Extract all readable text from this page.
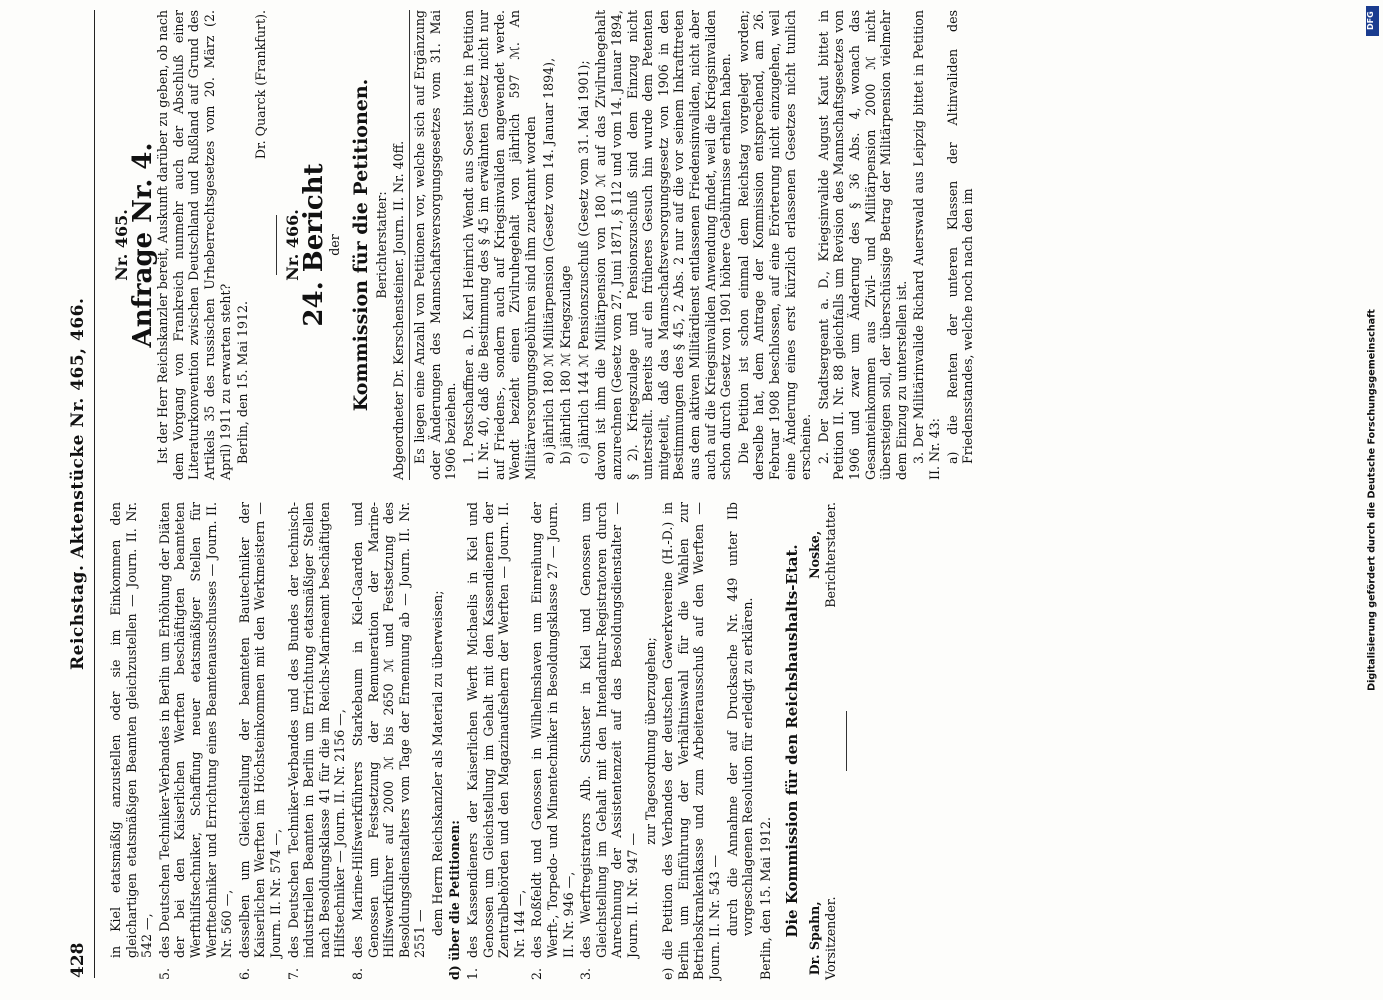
428
Reichstag. Aktenstücke Nr. 465, 466.
in Kiel etatsmäßig anzustellen oder sie im Einkommen den gleichartigen etatsmäßigen Beamten gleichzustellen — Journ. II. Nr. 542 —,
5.des Deutschen Techniker-Verbandes in Berlin um Erhöhung der Diäten der bei den Kaiserlichen Werften beschäftigten beamteten Werfthilfstechniker, Schaffung neuer etatsmäßiger Stellen für Werfttechniker und Errichtung eines Beamtenausschusses — Journ. II. Nr. 560 —,
6.desselben um Gleichstellung der beamteten Bautechniker der Kaiserlichen Werften im Höchsteinkommen mit den Werkmeistern — Journ. II. Nr. 574 —,
7.des Deutschen Techniker-Verbandes und des Bundes der technisch-industriellen Beamten in Berlin um Errichtung etatsmäßiger Stellen nach Besoldungsklasse 41 für die im Reichs-Marineamt beschäftigten Hilfstechniker — Journ. II. Nr. 2156 —,
8.des Marine-Hilfswerkführers Starkebaum in Kiel-Gaarden und Genossen um Festsetzung der Remuneration der Marine-Hilfswerkführer auf 2000 ℳ bis 2650 ℳ und Festsetzung des Besoldungsdienstalters vom Tage der Ernennung ab — Journ. II. Nr. 2551 — dem Herrn Reichskanzler als Material zu überweisen; d) über die Petitionen: 1.des Kassendieners der Kaiserlichen Werft Michaelis in Kiel und Genossen um Gleichstellung im Gehalt mit den Kassendienern der Zentralbehörden und den Magazinaufsehern der Werften — Journ. II. Nr. 144 —,
2.des Roßfeldt und Genossen in Wilhelmshaven um Einreihung der Werft-, Torpedo- und Minentechniker in Besoldungsklasse 27 — Journ. II. Nr. 946 —,
3.des Werftregistrators Alb. Schuster in Kiel und Genossen um Gleichstellung im Gehalt mit den Intendantur-Registratoren durch Anrechnung der Assistentenzeit auf das Besoldungsdienstalter — Journ. II. Nr. 947 —
zur Tagesordnung überzugehen; e) die Petition des Verbandes der deutschen Gewerkvereine (H.-D.) in Berlin um Einführung der Verhältniswahl für die Wahlen zur Betriebskrankenkasse und zum Arbeiterausschuß auf den Werften — Journ. II. Nr. 543 — durch die Annahme der auf Drucksache Nr. 449 unter IIb vorgeschlagenen Resolution für erledigt zu erklären. Berlin, den 15. Mai 1912. Die Kommission für den Reichshaushalts-Etat.
Dr. Spahn, Vorsitzender.
Noske, Berichterstatter.
Nr. 465.
Anfrage Nr. 4.
Ist der Herr Reichskanzler bereit, Auskunft darüber zu geben, ob nach dem Vorgang von Frankreich nunmehr auch der Abschluß einer Literaturkonvention zwischen Deutschland und Rußland auf Grund des Artikels 35 des russischen Urheberrechtsgesetzes vom 20. März (2. April) 1911 zu erwarten steht? Berlin, den 15. Mai 1912.
Dr. Quarck (Frankfurt).
Nr. 466.
24. Bericht
der Kommission für die Petitionen. Berichterstatter: Abgeordneter Dr. Kerschensteiner. Journ. II. Nr. 40ff. Es liegen eine Anzahl von Petitionen vor, welche sich auf Ergänzung oder Änderungen des Mannschaftsversorgungsgesetzes vom 31. Mai 1906 beziehen. 1. Postschaffner a. D. Karl Heinrich Wendt aus Soest bittet in Petition II. Nr. 40, daß die Bestimmung des § 45 im erwähnten Gesetz nicht nur auf Friedens-, sondern auch auf Kriegsinvaliden angewendet werde. Wendt bezieht einen Zivilruhegehalt von jährlich 597 ℳ. An Militärversorgungsgebühren sind ihm zuerkannt worden a) jährlich 180 ℳ Militärpension (Gesetz vom 14. Januar 1894), b) jährlich 180 ℳ Kriegszulage c) jährlich 144 ℳ Pensionszuschuß (Gesetz vom 31. Mai 1901); davon ist ihm die Militärpension von 180 ℳ auf das Zivilruhegehalt anzurechnen (Gesetz vom 27. Juni 1871, § 112 und vom 14. Januar 1894, § 2). Kriegszulage und Pensionszuschuß sind dem Einzug nicht unterstellt. Bereits auf ein früheres Gesuch hin wurde dem Petenten mitgeteilt, daß das Mannschaftsversorgungsgesetz von 1906 in den Bestimmungen des § 45, 2 Abs. 2 nur auf die vor seinem Inkrafttreten aus dem aktiven Militärdienst entlassenen Friedensinvaliden, nicht aber auch auf die Kriegsinvaliden Anwendung findet, weil die Kriegsinvaliden schon durch Gesetz von 1901 höhere Gebührnisse erhalten haben. Die Petition ist schon einmal dem Reichstag vorgelegt worden; derselbe hat, dem Antrage der Kommission entsprechend, am 26. Februar 1908 beschlossen, auf eine Erörterung nicht einzugehen, weil eine Änderung eines erst kürzlich erlassenen Gesetzes nicht tunlich erscheine. 2. Der Stadtsergeant a. D., Kriegsinvalide August Kaut bittet in Petition II. Nr. 88 gleichfalls um Revision des Mannschaftsgesetzes von 1906 und zwar um Änderung des § 36 Abs. 4, wonach das Gesamteinkommen aus Zivil- und Militärpension 2000 ℳ nicht übersteigen soll, der überschüssige Betrag der Militärpension vielmehr dem Einzug zu unterstellen ist. 3. Der Militärinvalide Richard Auerswald aus Leipzig bittet in Petition II. Nr. 43: a) die Renten der unteren Klassen der Altinvaliden des Friedensstandes, welche noch nach den im	Digitalisierung gefördert durch die Deutsche Forschungsgemeinschaft
DFG
